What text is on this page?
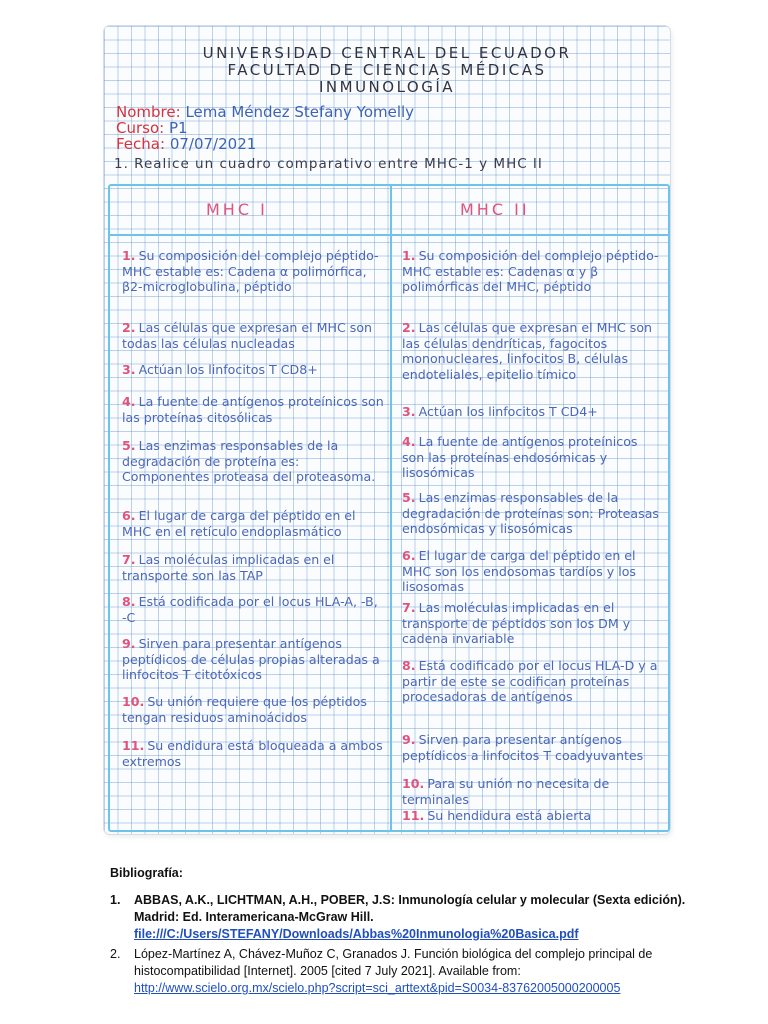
UNIVERSIDAD CENTRAL DEL ECUADOR
FACULTAD DE CIENCIAS MÉDICAS
INMUNOLOGÍA
Nombre: Lema Méndez Stefany Yomelly
Curso: P1
Fecha: 07/07/2021
1. Realice un cuadro comparativo entre MHC-1 y MHC II
MHC I	MHC II
1. Su composición del complejo péptido-MHC estable es: Cadena α polimórfica, β2-microglobulina, péptido
2. Las células que expresan el MHC son todas las células nucleadas
3. Actúan los linfocitos T CD8+
4. La fuente de antígenos proteínicos son las proteínas citosólicas
5. Las enzimas responsables de la degradación de proteína es: Componentes proteasa del proteasoma.
6. El lugar de carga del péptido en el MHC en el retículo endoplasmático
7. Las moléculas implicadas en el transporte son las TAP
8. Está codificada por el locus HLA-A, -B, -C
9. Sirven para presentar antígenos peptídicos de células propias alteradas a linfocitos T citotóxicos
10. Su unión requiere que los péptidos tengan residuos aminoácidos
11. Su endidura está bloqueada a ambos extremos
1. Su composición del complejo péptido-MHC estable es: Cadenas α y β polimórficas del MHC, péptido
2. Las células que expresan el MHC son las células dendríticas, fagocitos mononucleares, linfocitos B, células endoteliales, epitelio tímico
3. Actúan los linfocitos T CD4+
4. La fuente de antígenos proteínicos son las proteínas endosómicas y lisosómicas
5. Las enzimas responsables de la degradación de proteínas son: Proteasas endosómicas y lisosómicas
6. El lugar de carga del péptido en el MHC son los endosomas tardíos y los lisosomas
7. Las moléculas implicadas en el transporte de péptidos son los DM y cadena invariable
8. Está codificado por el locus HLA-D y a partir de este se codifican proteínas procesadoras de antígenos
9. Sirven para presentar antígenos peptídicos a linfocitos T coadyuvantes
10. Para su unión no necesita de terminales
11. Su hendidura está abierta
Bibliografía:
1. ABBAS, A.K., LICHTMAN, A.H., POBER, J.S: Inmunología celular y molecular (Sexta edición). Madrid: Ed. Interamericana-McGraw Hill.
file:///C:/Users/STEFANY/Downloads/Abbas%20Inmunologia%20Basica.pdf
2. López-Martínez A, Chávez-Muñoz C, Granados J. Función biológica del complejo principal de histocompatibilidad [Internet]. 2005 [cited 7 July 2021]. Available from:
http://www.scielo.org.mx/scielo.php?script=sci_arttext&pid=S0034-83762005000200005
